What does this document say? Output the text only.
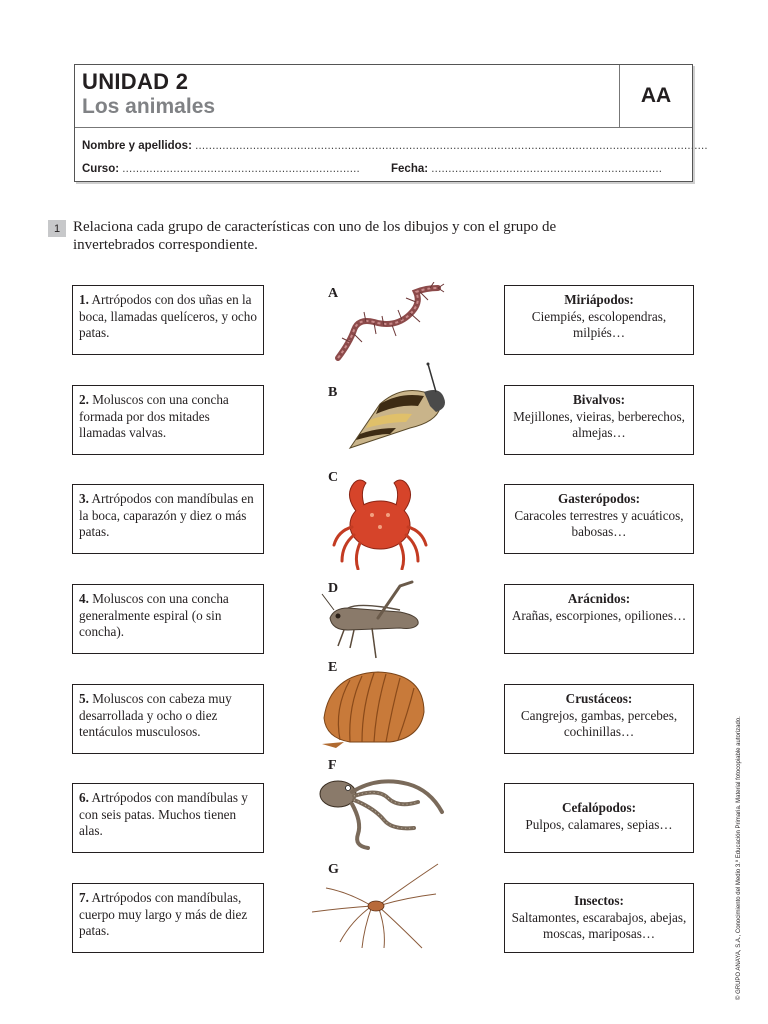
UNIDAD 2
Los animales	AA
Nombre y apellidos: .......................................................................................................................................................
Curso: ......................................................................	Fecha: ....................................................................
1 Relaciona cada grupo de características con uno de los dibujos y con el grupo de invertebrados correspondiente.
1. Artrópodos con dos uñas en la boca, llamadas quelíceros, y ocho patas.
2. Moluscos con una concha formada por dos mitades llamadas valvas.
3. Artrópodos con mandíbulas en la boca, caparazón y diez o más patas.
4. Moluscos con una concha generalmente espiral (o sin concha).
5. Moluscos con cabeza muy desarrollada y ocho o diez tentáculos musculosos.
6. Artrópodos con mandíbulas y con seis patas. Muchos tienen alas.
7. Artrópodos con mandíbulas, cuerpo muy largo y más de diez patas.
A
B
C
D
E
F
G
Miriápodos:
Ciempiés, escolopendras, milpiés…
Bivalvos:
Mejillones, vieiras, berberechos, almejas…
Gasterópodos:
Caracoles terrestres y acuáticos, babosas…
Arácnidos:
Arañas, escorpiones, opiliones…
Crustáceos:
Cangrejos, gambas, percebes, cochinillas…
Cefalópodos:
Pulpos, calamares, sepias…
Insectos:
Saltamontes, escarabajos, abejas, moscas, mariposas…	© GRUPO ANAYA, S.A., Conocimiento del Medio 3.º Educación Primaria. Material fotocopiable autorizado.
